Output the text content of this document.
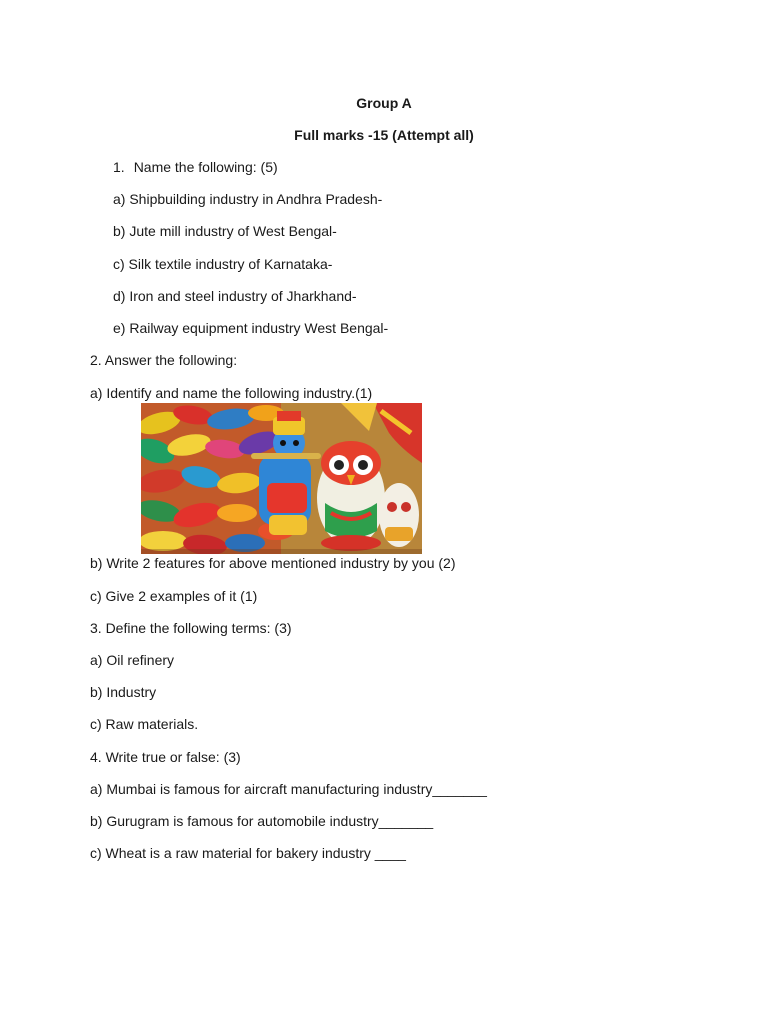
Group A
Full marks -15 (Attempt all)
1. Name the following: (5)
a) Shipbuilding industry in Andhra Pradesh-
b) Jute mill industry of West Bengal-
c) Silk textile industry of Karnataka-
d) Iron and steel industry of Jharkhand-
e) Railway equipment industry West Bengal-
2. Answer the following:
a) Identify and name the following industry.(1)
b) Write 2 features for above mentioned industry by you (2)
c) Give 2 examples of it (1)
3. Define the following terms: (3)
a) Oil refinery
b) Industry
c) Raw materials.
4. Write true or false: (3)
a) Mumbai is famous for aircraft manufacturing industry_______
b) Gurugram is famous for automobile industry_______
c) Wheat is a raw material for bakery industry ____
